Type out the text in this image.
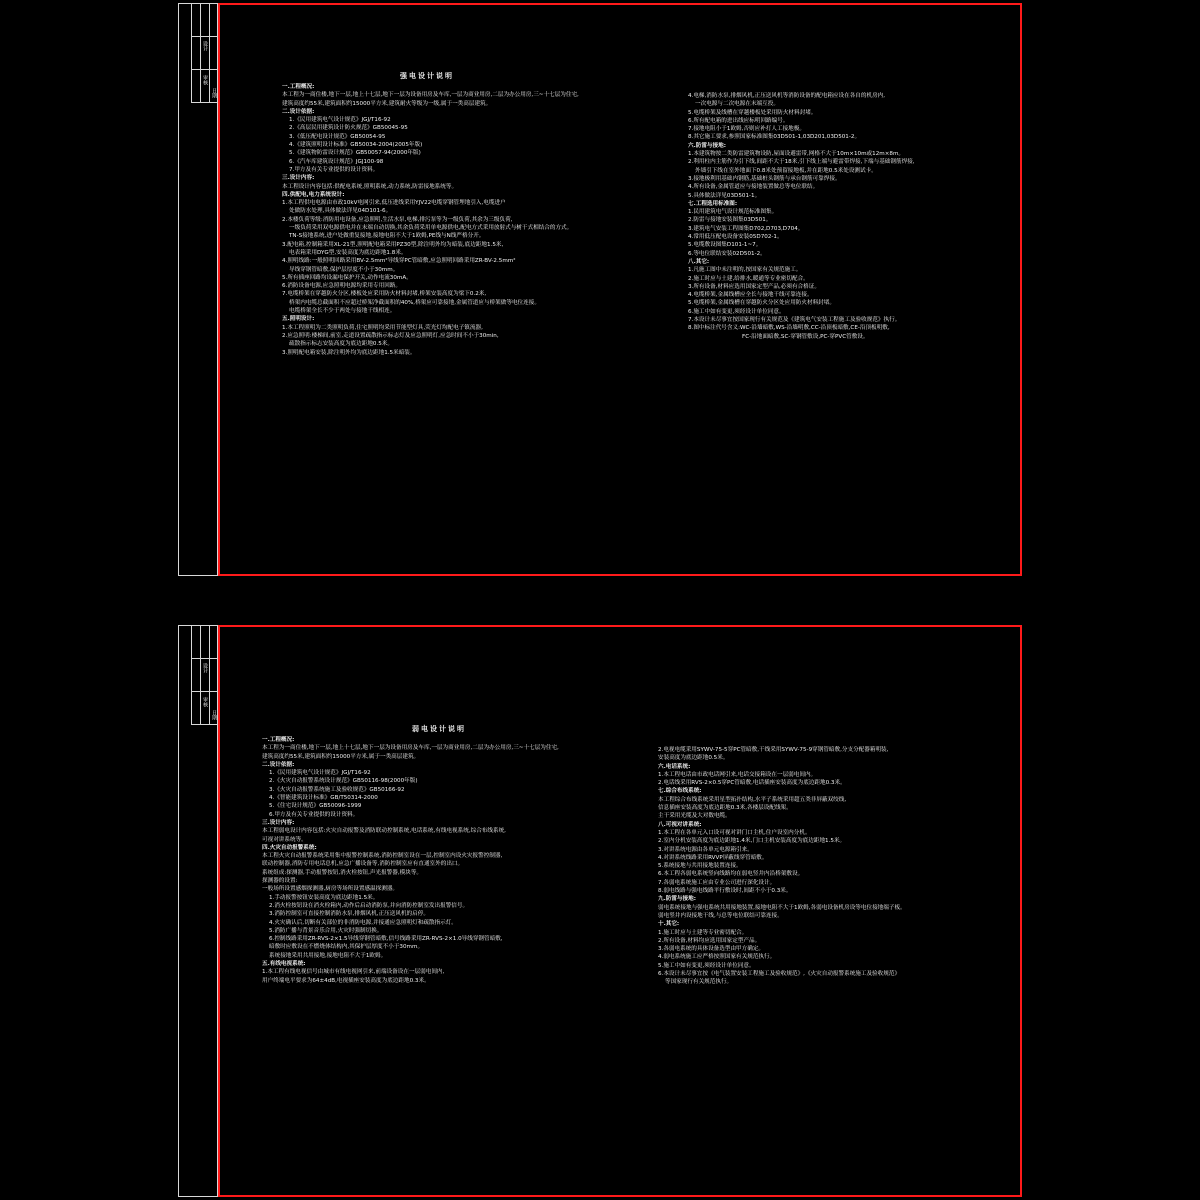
设计
审核
日期
强电设计说明
一.工程概况:
本工程为一商住楼,地下一层,地上十七层,地下一层为设备用房及车库,一层为商业用房,二层为办公用房,三~十七层为住宅,
建筑高度约55米,建筑面积约15000平方米,建筑耐火等级为一级,属于一类高层建筑。
二.设计依据:
1.《民用建筑电气设计规范》JGJ/T16-92
2.《高层民用建筑设计防火规范》GB50045-95
3.《低压配电设计规范》GB50054-95
4.《建筑照明设计标准》GB50034-2004(2005年版)
5.《建筑物防雷设计规范》GB50057-94(2000年版)
6.《汽车库建筑设计规范》JGJ100-98
7.甲方及有关专业提供的设计资料。
三.设计内容:
本工程设计内容包括:供配电系统,照明系统,动力系统,防雷接地系统等。
四.供配电,电力系统设计:
1.本工程供电电源由市政10kV电网引来,低压进线采用YJV22电缆穿钢管埋地引入,电缆进户
处做防水处理,具体做法详见04D101-6。
2.本楼负荷等级:消防用电设备,应急照明,生活水泵,电梯,排污泵等为一级负荷,其余为三级负荷,
一级负荷采用双电源供电并在末端自动切换,其余负荷采用单电源供电,配电方式采用放射式与树干式相结合的方式。
TN-S接地系统,进户处做重复接地,接地电阻不大于1欧姆,PE线与N线严格分开。
3.配电箱,控制箱采用XL-21型,照明配电箱采用PZ30型,除注明外均为暗装,底边距地1.5米,
电表箱采用DYG型,安装高度为底边距地1.8米。
4.照明线路:一般照明回路采用BV-2.5mm²导线穿PC管暗敷,应急照明回路采用ZR-BV-2.5mm²
导线穿钢管暗敷,保护层厚度不小于30mm。
5.所有插座回路均设漏电保护开关,动作电流30mA。
6.消防设备电源,应急照明电源均采用专用回路。
7.电缆桥架在穿越防火分区,楼板处应采用防火材料封堵,桥架安装高度为梁下0.2米,
桥架内电缆总截面积不应超过桥架净截面积的40%,桥架应可靠接地,金属管道应与桥架做等电位连接。
电缆桥架全长不少于两处与接地干线相连。
五.照明设计:
1.本工程照明为二类照明负荷,住宅照明均采用节能型灯具,荧光灯均配电子镇流器,
2.应急照明:楼梯间,前室,走道设置疏散指示标志灯及应急照明灯,应急时间不小于30min,
疏散指示标志安装高度为底边距地0.5米。
3.照明配电箱安装,除注明外均为底边距地1.5米暗装。
4.电梯,消防水泵,排烟风机,正压送风机等消防设备的配电箱应设在各自的机房内,
一次电源与二次电源在末端互投。
5.电缆桥架及线槽在穿越楼板处采用防火材料封堵。
6.所有配电箱的进出线应标明回路编号。
7.接地电阻小于1欧姆,否则应补打人工接地极。
8.其它施工要求,参照国家标准图集03D501-1,03D201,03D501-2。
六.防雷与接地:
1.本建筑物按二类防雷建筑物设防,屋面设避雷带,网格不大于10m×10m或12m×8m。
2.利用柱内主筋作为引下线,间距不大于18米,引下线上端与避雷带焊接,下端与基础钢筋焊接,
外墙引下线在室外地面下0.8米处预留接地板,并在距地0.5米处设测试卡。
3.接地极利用基础内钢筋,基础桩头钢筋与承台钢筋可靠焊接。
4.所有设备,金属管道应与接地装置做总等电位联结。
5.具体做法详见03D501-1。
七.工程选用标准图:
1.民用建筑电气设计规范标准图集。
2.防雷与接地安装图集03D501。
3.建筑电气安装工程图集D702,D703,D704。
4.常用低压配电设备安装05D702-1。
5.电缆敷设图集D101-1~7。
6.等电位联结安装02D501-2。
八.其它:
1.凡施工图中未注明的,按国家有关规范施工。
2.施工时应与土建,给排水,暖通等专业密切配合。
3.所有设备,材料应选用国家定型产品,必须有合格证。
4.电缆桥架,金属线槽应全长与接地干线可靠连接。
5.电缆桥架,金属线槽在穿越防火分区处应用防火材料封堵。
6.施工中如有变更,须经设计单位同意。
7.本设计未尽事宜按国家现行有关规范及《建筑电气安装工程施工及验收规范》执行。
8.图中标注代号含义:WC-沿墙暗敷,WS-沿墙明敷,CC-沿顶板暗敷,CE-沿顶板明敷,
FC-沿地面暗敷,SC-穿钢管敷设,PC-穿PVC管敷设。
设计
审核
日期
弱电设计说明
一.工程概况:
本工程为一商住楼,地下一层,地上十七层,地下一层为设备用房及车库,一层为商业用房,二层为办公用房,三~十七层为住宅,
建筑高度约55米,建筑面积约15000平方米,属于一类高层建筑。
二.设计依据:
1.《民用建筑电气设计规范》JGJ/T16-92
2.《火灾自动报警系统设计规范》GB50116-98(2000年版)
3.《火灾自动报警系统施工及验收规范》GB50166-92
4.《智能建筑设计标准》GB/T50314-2000
5.《住宅设计规范》GB50096-1999
6.甲方及有关专业提供的设计资料。
三.设计内容:
本工程弱电设计内容包括:火灾自动报警及消防联动控制系统,电话系统,有线电视系统,综合布线系统,
可视对讲系统等。
四.火灾自动报警系统:
本工程火灾自动报警系统采用集中报警控制系统,消防控制室设在一层,控制室内设火灾报警控制器,
联动控制器,消防专用电话总机,应急广播设备等,消防控制室应有直通室外的出口。
系统组成:探测器,手动报警按钮,消火栓按钮,声光报警器,模块等。
探测器的设置:
一般场所设置感烟探测器,厨房等场所设置感温探测器。
1.手动报警按钮安装高度为底边距地1.5米。
2.消火栓按钮设在消火栓箱内,动作后启动消防泵,并向消防控制室发出报警信号。
3.消防控制室可直接控制消防水泵,排烟风机,正压送风机的启停。
4.火灾确认后,切断有关部位的非消防电源,并接通应急照明灯和疏散指示灯。
5.消防广播与背景音乐合用,火灾时强制切换。
6.控制线路采用ZR-RVS-2×1.5导线穿钢管暗敷,信号线路采用ZR-RVS-2×1.0导线穿钢管暗敷,
暗敷时应敷设在不燃烧体结构内,其保护层厚度不小于30mm。
系统接地采用共用接地,接地电阻不大于1欧姆。
五.有线电视系统:
1.本工程有线电视信号由城市有线电视网引来,前端设备设在一层弱电间内,
用户终端电平要求为64±4dB,电视插座安装高度为底边距地0.3米。
2.电视电缆采用SYWV-75-5穿PC管暗敷,干线采用SYWV-75-9穿钢管暗敷,分支分配器箱明装,
安装高度为底边距地0.5米。
六.电话系统:
1.本工程电话由市政电话网引来,电话交接箱设在一层弱电间内。
2.电话线采用RVS-2×0.5穿PC管暗敷,电话插座安装高度为底边距地0.3米。
七.综合布线系统:
本工程综合布线系统采用星型拓扑结构,水平子系统采用超五类非屏蔽双绞线,
信息插座安装高度为底边距地0.3米,各楼层设配线架。
主干采用光缆及大对数电缆。
八.可视对讲系统:
1.本工程在各单元入口设可视对讲门口主机,住户设室内分机。
2.室内分机安装高度为底边距地1.4米,门口主机安装高度为底边距地1.5米。
3.对讲系统电源由各单元电源箱引来。
4.对讲系统线路采用RVVP屏蔽线穿管暗敷。
5.系统接地与共用接地装置连接。
6.本工程各弱电系统竖向线路均在弱电竖井内沿桥架敷设。
7.各弱电系统施工应由专业公司进行深化设计。
8.弱电线路与强电线路平行敷设时,间距不小于0.3米。
九.防雷与接地:
弱电系统接地与强电系统共用接地装置,接地电阻不大于1欧姆,各弱电设备机房设等电位接地端子板。
弱电竖井内设接地干线,与总等电位联结可靠连接。
十.其它:
1.施工时应与土建等专业密切配合。
2.所有设备,材料均应选用国家定型产品。
3.各弱电系统的具体设备选型由甲方确定。
4.弱电系统施工应严格按照国家有关规范执行。
5.施工中如有变更,须经设计单位同意。
6.本设计未尽事宜按《电气装置安装工程施工及验收规范》,《火灾自动报警系统施工及验收规范》
等国家现行有关规范执行。
